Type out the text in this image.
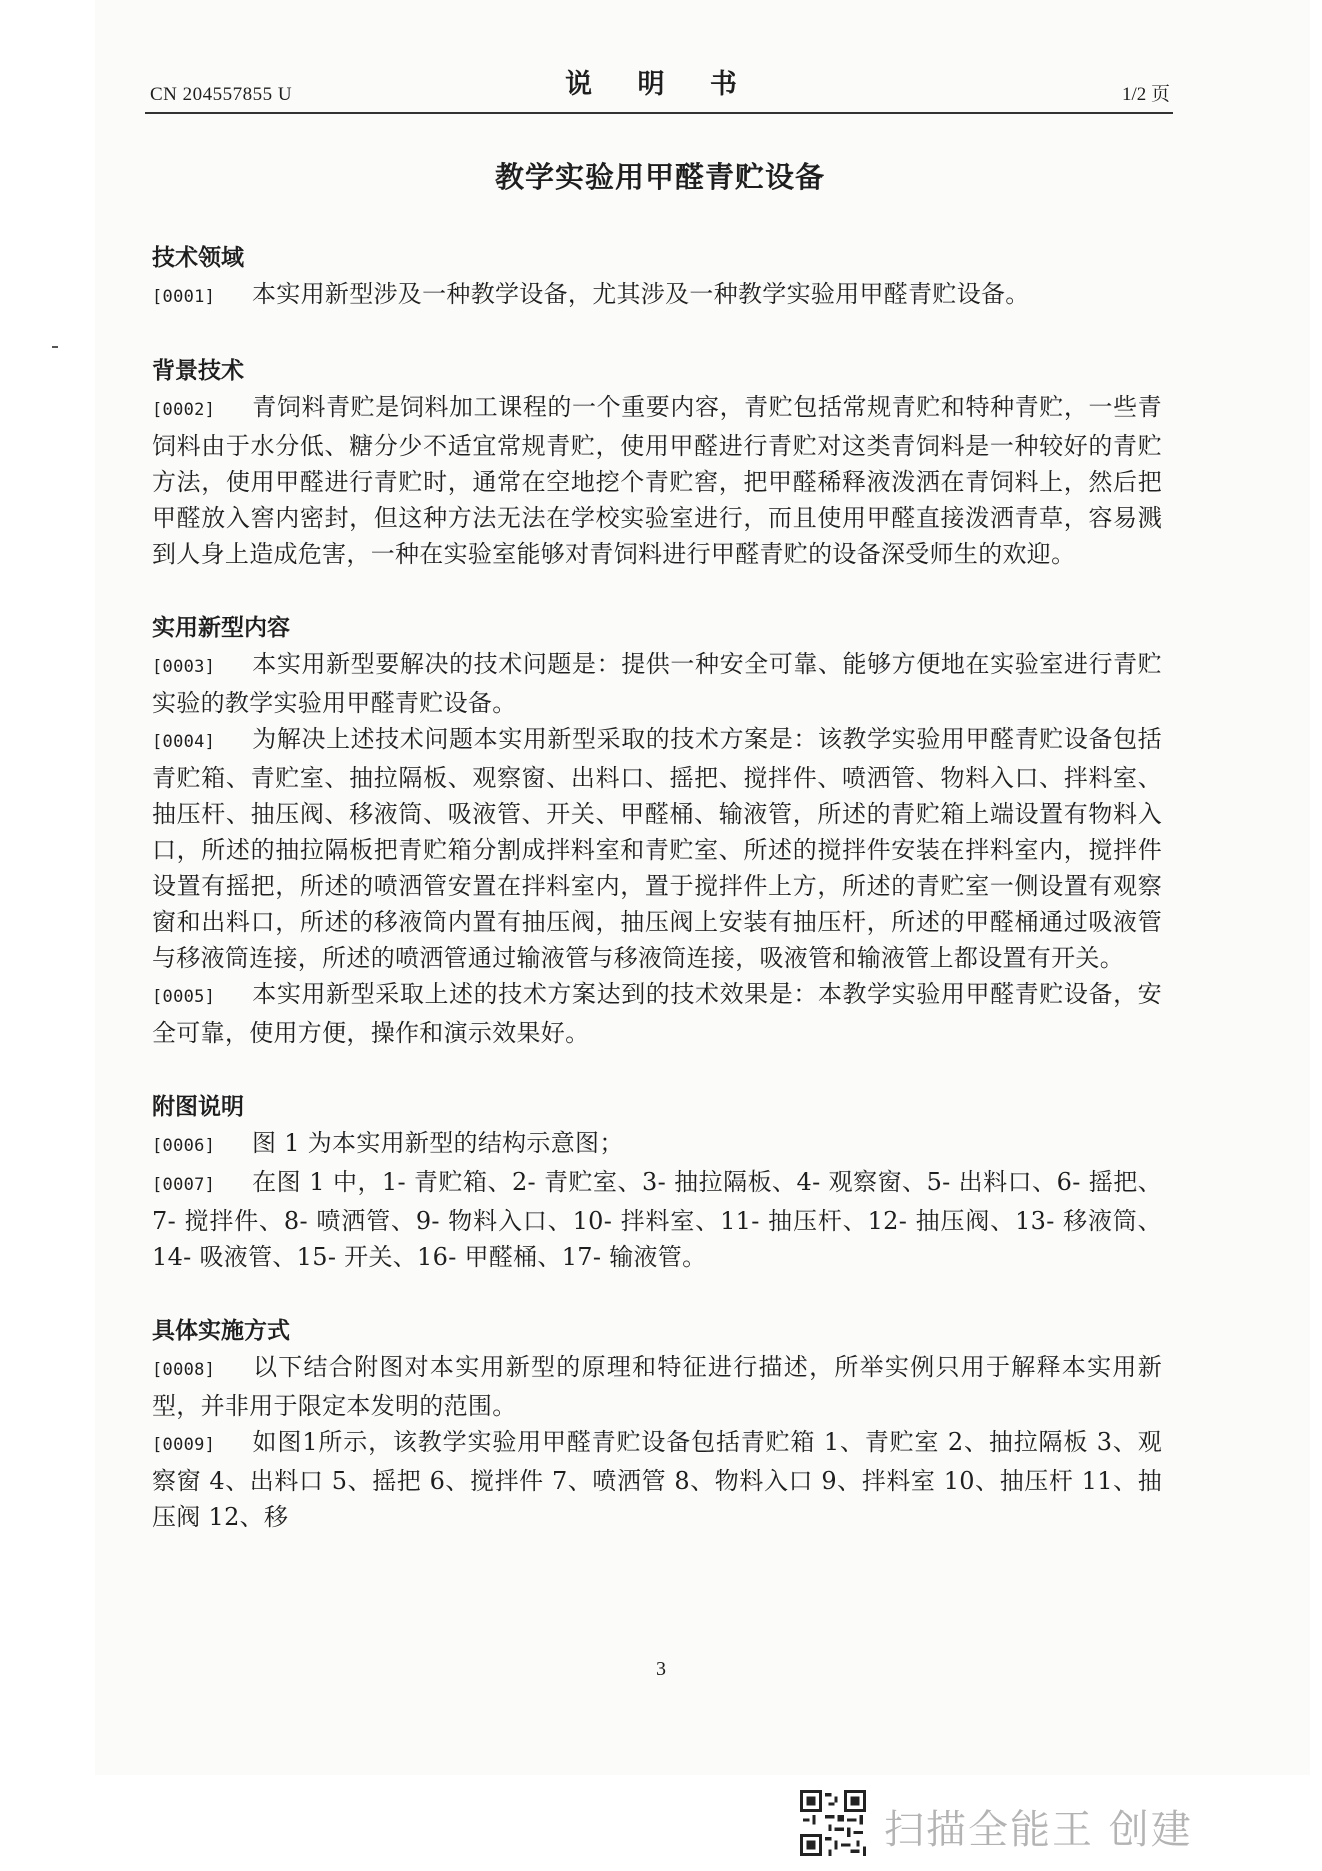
CN 204557855 U	说 明 书	1/2 页
教学实验用甲醛青贮设备
技术领域

[0001] 本实用新型涉及一种教学设备，尤其涉及一种教学实验用甲醛青贮设备。

背景技术

[0002] 青饲料青贮是饲料加工课程的一个重要内容，青贮包括常规青贮和特种青贮，一些青饲料由于水分低、糖分少不适宜常规青贮，使用甲醛进行青贮对这类青饲料是一种较好的青贮方法，使用甲醛进行青贮时，通常在空地挖个青贮窖，把甲醛稀释液泼洒在青饲料上，然后把甲醛放入窖内密封，但这种方法无法在学校实验室进行，而且使用甲醛直接泼洒青草，容易溅到人身上造成危害，一种在实验室能够对青饲料进行甲醛青贮的设备深受师生的欢迎。

实用新型内容

[0003] 本实用新型要解决的技术问题是：提供一种安全可靠、能够方便地在实验室进行青贮实验的教学实验用甲醛青贮设备。

[0004] 为解决上述技术问题本实用新型采取的技术方案是：该教学实验用甲醛青贮设备包括青贮箱、青贮室、抽拉隔板、观察窗、出料口、摇把、搅拌件、喷洒管、物料入口、拌料室、抽压杆、抽压阀、移液筒、吸液管、开关、甲醛桶、输液管，所述的青贮箱上端设置有物料入口，所述的抽拉隔板把青贮箱分割成拌料室和青贮室、所述的搅拌件安装在拌料室内，搅拌件设置有摇把，所述的喷洒管安置在拌料室内，置于搅拌件上方，所述的青贮室一侧设置有观察窗和出料口，所述的移液筒内置有抽压阀，抽压阀上安装有抽压杆，所述的甲醛桶通过吸液管与移液筒连接，所述的喷洒管通过输液管与移液筒连接，吸液管和输液管上都设置有开关。

[0005] 本实用新型采取上述的技术方案达到的技术效果是：本教学实验用甲醛青贮设备，安全可靠，使用方便，操作和演示效果好。

附图说明

[0006] 图 1 为本实用新型的结构示意图；

[0007] 在图 1 中，1- 青贮箱、2- 青贮室、3- 抽拉隔板、4- 观察窗、5- 出料口、6- 摇把、7- 搅拌件、8- 喷洒管、9- 物料入口、10- 拌料室、11- 抽压杆、12- 抽压阀、13- 移液筒、14- 吸液管、15- 开关、16- 甲醛桶、17- 输液管。

具体实施方式

[0008] 以下结合附图对本实用新型的原理和特征进行描述，所举实例只用于解释本实用新型，并非用于限定本发明的范围。

[0009] 如图1所示，该教学实验用甲醛青贮设备包括青贮箱 1、青贮室 2、抽拉隔板 3、观察窗 4、出料口 5、摇把 6、搅拌件 7、喷洒管 8、物料入口 9、拌料室 10、抽压杆 11、抽压阀 12、移

3
扫描全能王 创建
